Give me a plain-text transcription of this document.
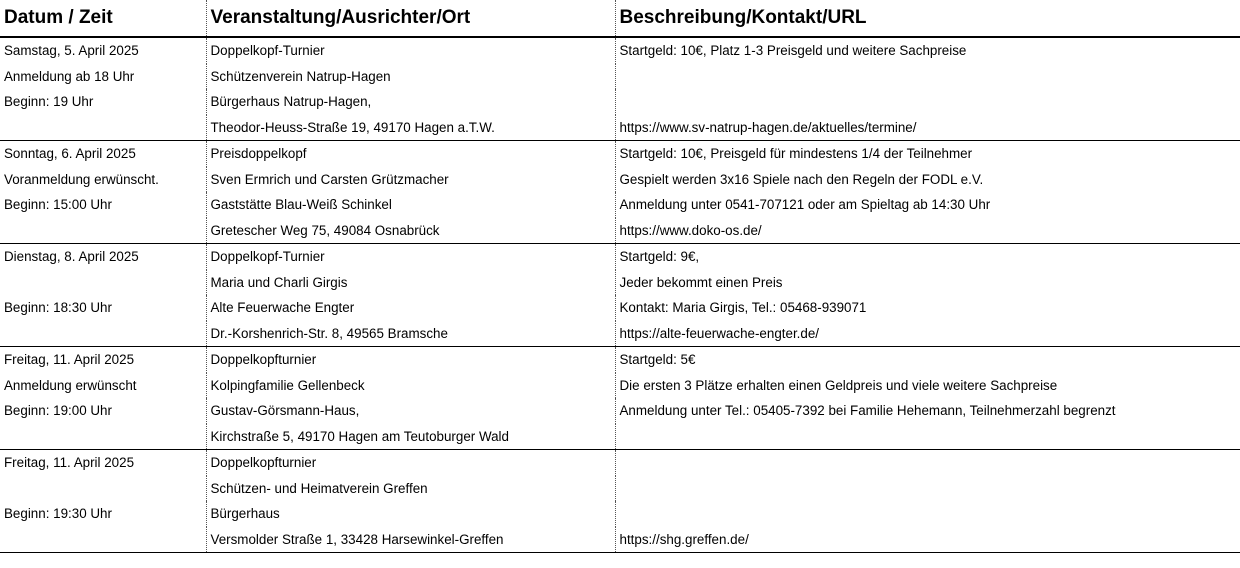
Datum / Zeit	Veranstaltung/Ausrichter/Ort	Beschreibung/Kontakt/URL
Samstag, 5. April 2025	Doppelkopf-Turnier	Startgeld: 10€, Platz 1-3 Preisgeld und weitere Sachpreise
Anmeldung ab 18 Uhr	Schützenverein Natrup-Hagen	
Beginn: 19 Uhr	Bürgerhaus Natrup-Hagen,	
	Theodor-Heuss-Straße 19, 49170 Hagen a.T.W.	https://www.sv-natrup-hagen.de/aktuelles/termine/
Sonntag, 6. April 2025	Preisdoppelkopf	Startgeld: 10€, Preisgeld für mindestens 1/4 der Teilnehmer
Voranmeldung erwünscht.	Sven Ermrich und Carsten Grützmacher	Gespielt werden 3x16 Spiele nach den Regeln der FODL e.V.
Beginn: 15:00 Uhr	Gaststätte Blau-Weiß Schinkel	Anmeldung unter 0541-707121 oder am Spieltag ab 14:30 Uhr
	Gretescher Weg 75, 49084 Osnabrück	https://www.doko-os.de/
Dienstag, 8. April 2025	Doppelkopf-Turnier	Startgeld: 9€,
	Maria und Charli Girgis	Jeder bekommt einen Preis
Beginn: 18:30 Uhr	Alte Feuerwache Engter	Kontakt: Maria Girgis, Tel.: 05468-939071
	Dr.-Korshenrich-Str. 8, 49565 Bramsche	https://alte-feuerwache-engter.de/
Freitag, 11. April 2025	Doppelkopfturnier	Startgeld: 5€
Anmeldung erwünscht	Kolpingfamilie Gellenbeck	Die ersten 3 Plätze erhalten einen Geldpreis und viele weitere Sachpreise
Beginn: 19:00 Uhr	Gustav-Görsmann-Haus,	Anmeldung unter Tel.: 05405-7392 bei Familie Hehemann, Teilnehmerzahl begrenzt
	Kirchstraße 5, 49170 Hagen am Teutoburger Wald	
Freitag, 11. April 2025	Doppelkopfturnier	
	Schützen- und Heimatverein Greffen	
Beginn: 19:30 Uhr	Bürgerhaus	
	Versmolder Straße 1, 33428 Harsewinkel-Greffen	https://shg.greffen.de/
